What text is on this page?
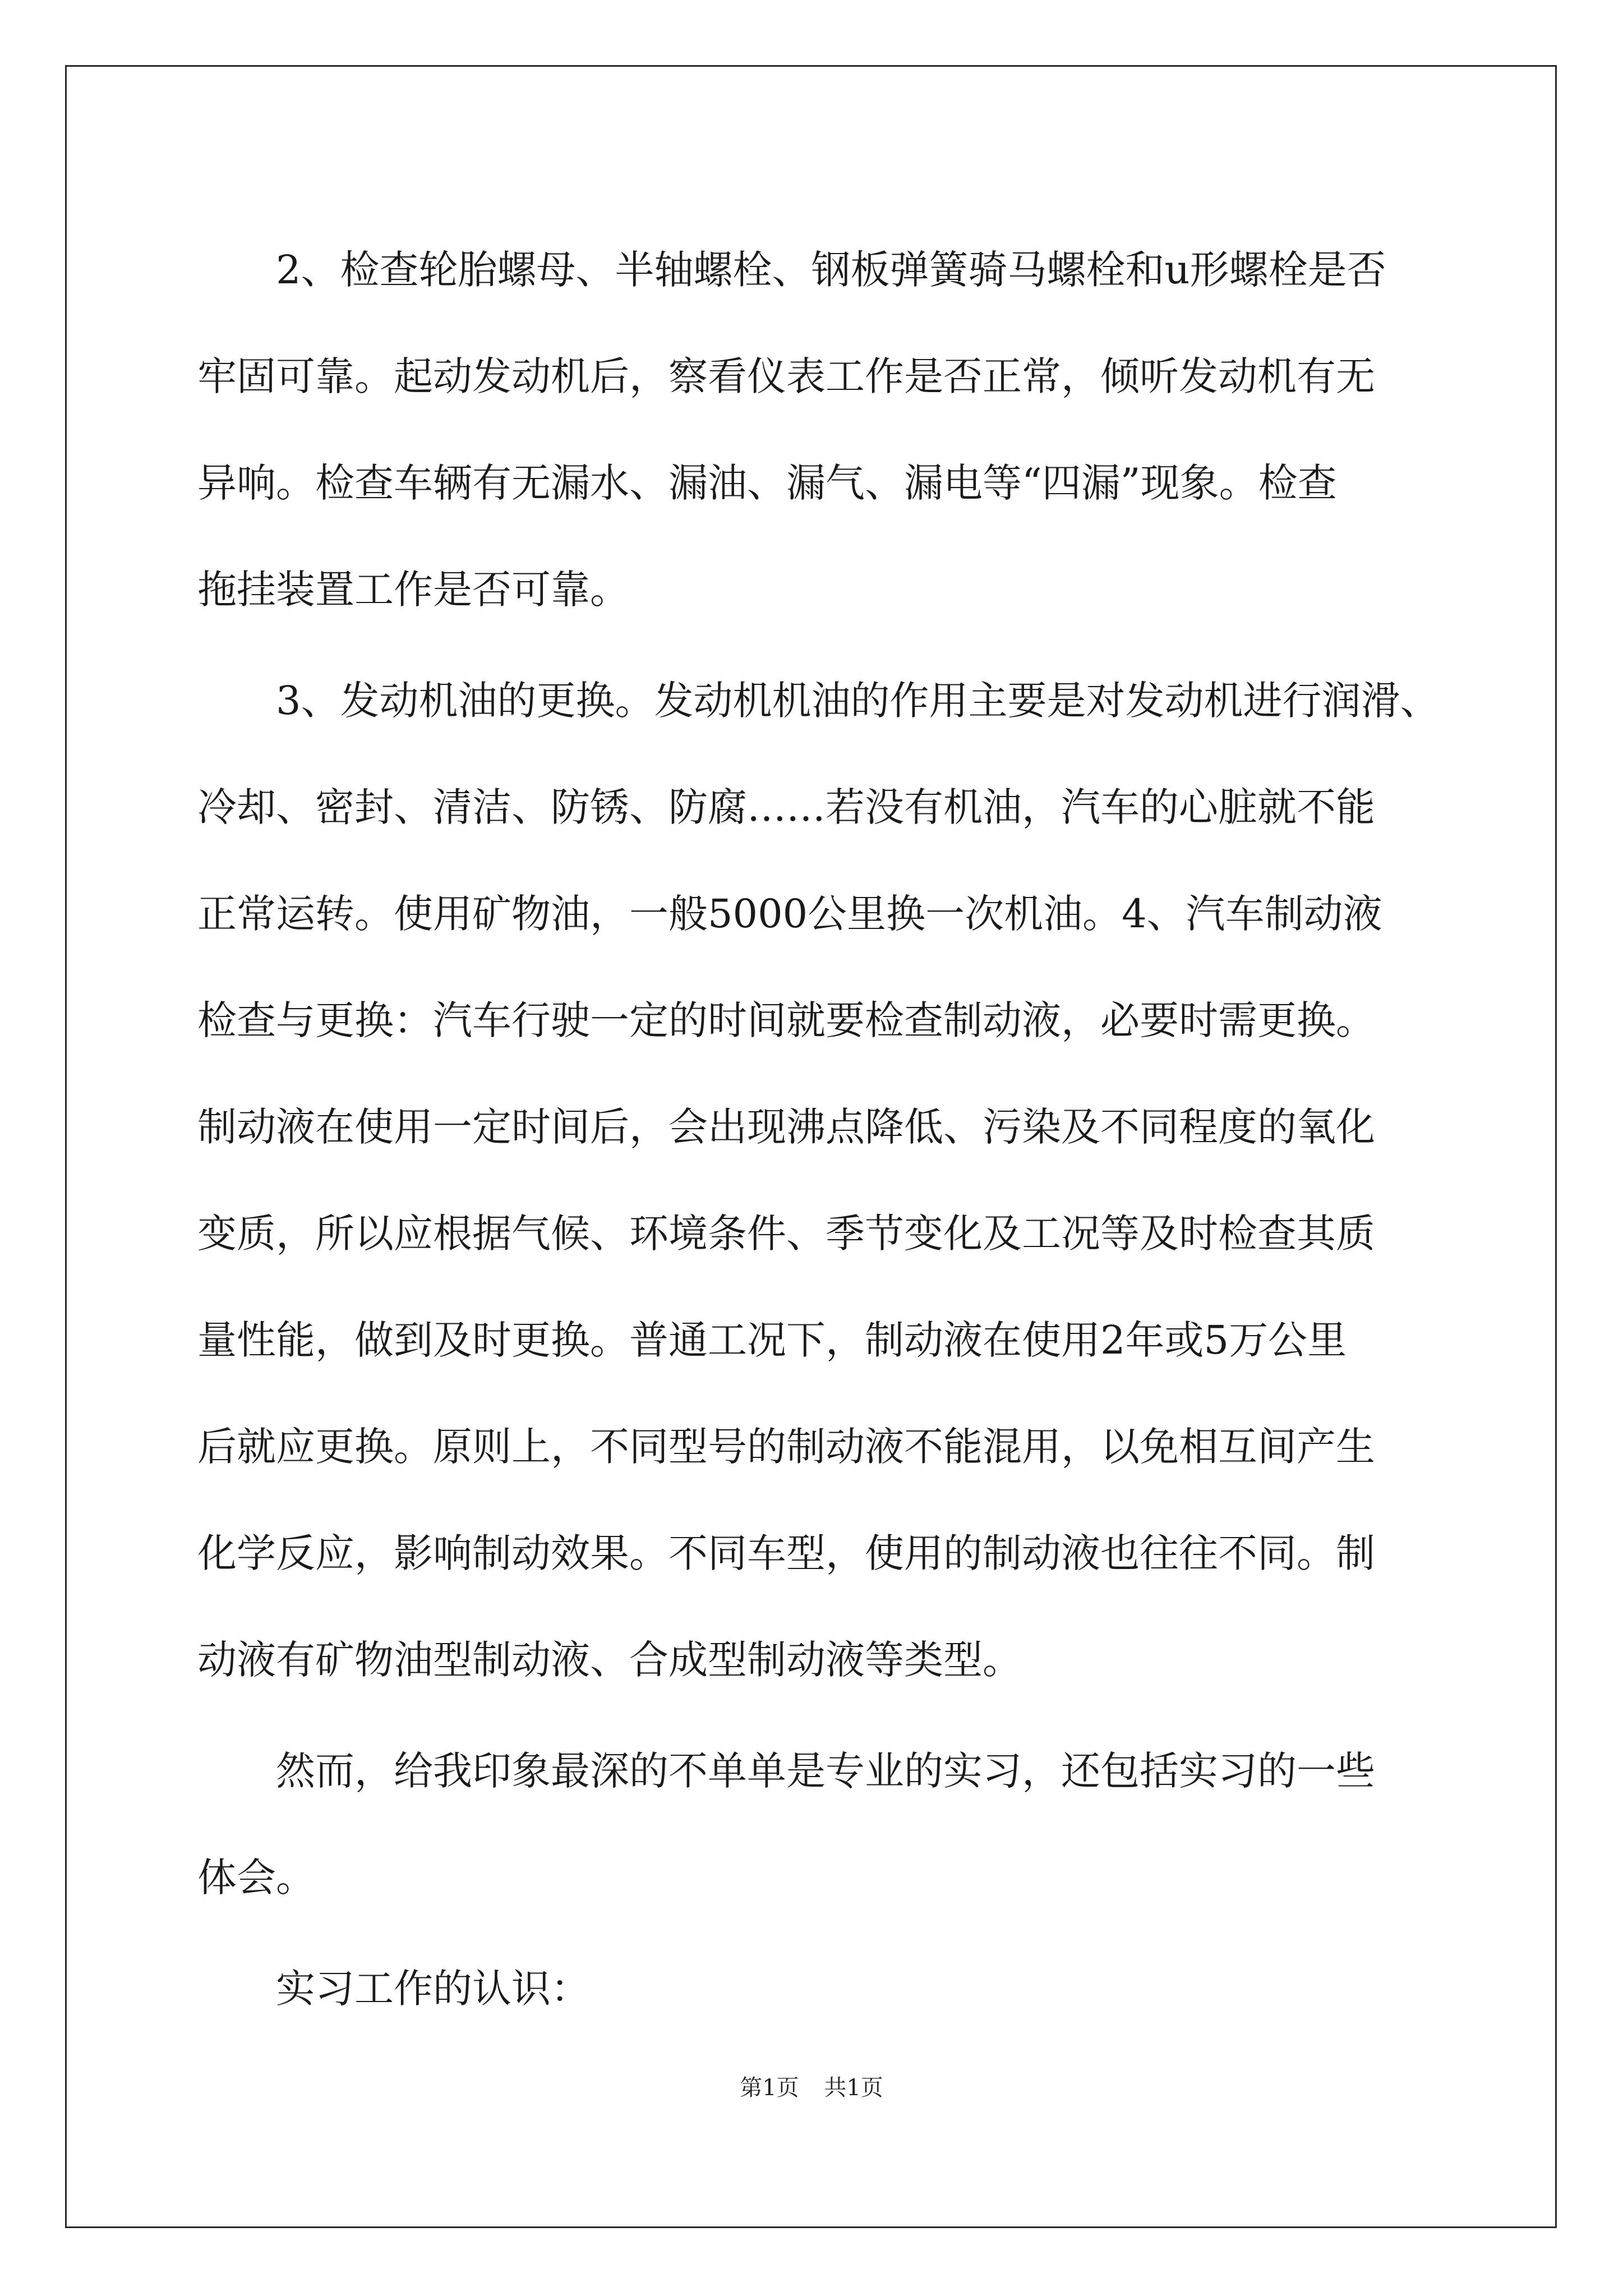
2、检查轮胎螺母、半轴螺栓、钢板弹簧骑马螺栓和u形螺栓是否
牢固可靠。起动发动机后，察看仪表工作是否正常，倾听发动机有无
异响。检查车辆有无漏水、漏油、漏气、漏电等“四漏”现象。检查
拖挂装置工作是否可靠。
3、发动机油的更换。发动机机油的作用主要是对发动机进行润滑、
冷却、密封、清洁、防锈、防腐……若没有机油，汽车的心脏就不能
正常运转。使用矿物油，一般5000公里换一次机油。4、汽车制动液
检查与更换：汽车行驶一定的时间就要检查制动液，必要时需更换。
制动液在使用一定时间后，会出现沸点降低、污染及不同程度的氧化
变质，所以应根据气候、环境条件、季节变化及工况等及时检查其质
量性能，做到及时更换。普通工况下，制动液在使用2年或5万公里
后就应更换。原则上，不同型号的制动液不能混用，以免相互间产生
化学反应，影响制动效果。不同车型，使用的制动液也往往不同。制
动液有矿物油型制动液、合成型制动液等类型。
然而，给我印象最深的不单单是专业的实习，还包括实习的一些
体会。
实习工作的认识：
第1页 共1页
